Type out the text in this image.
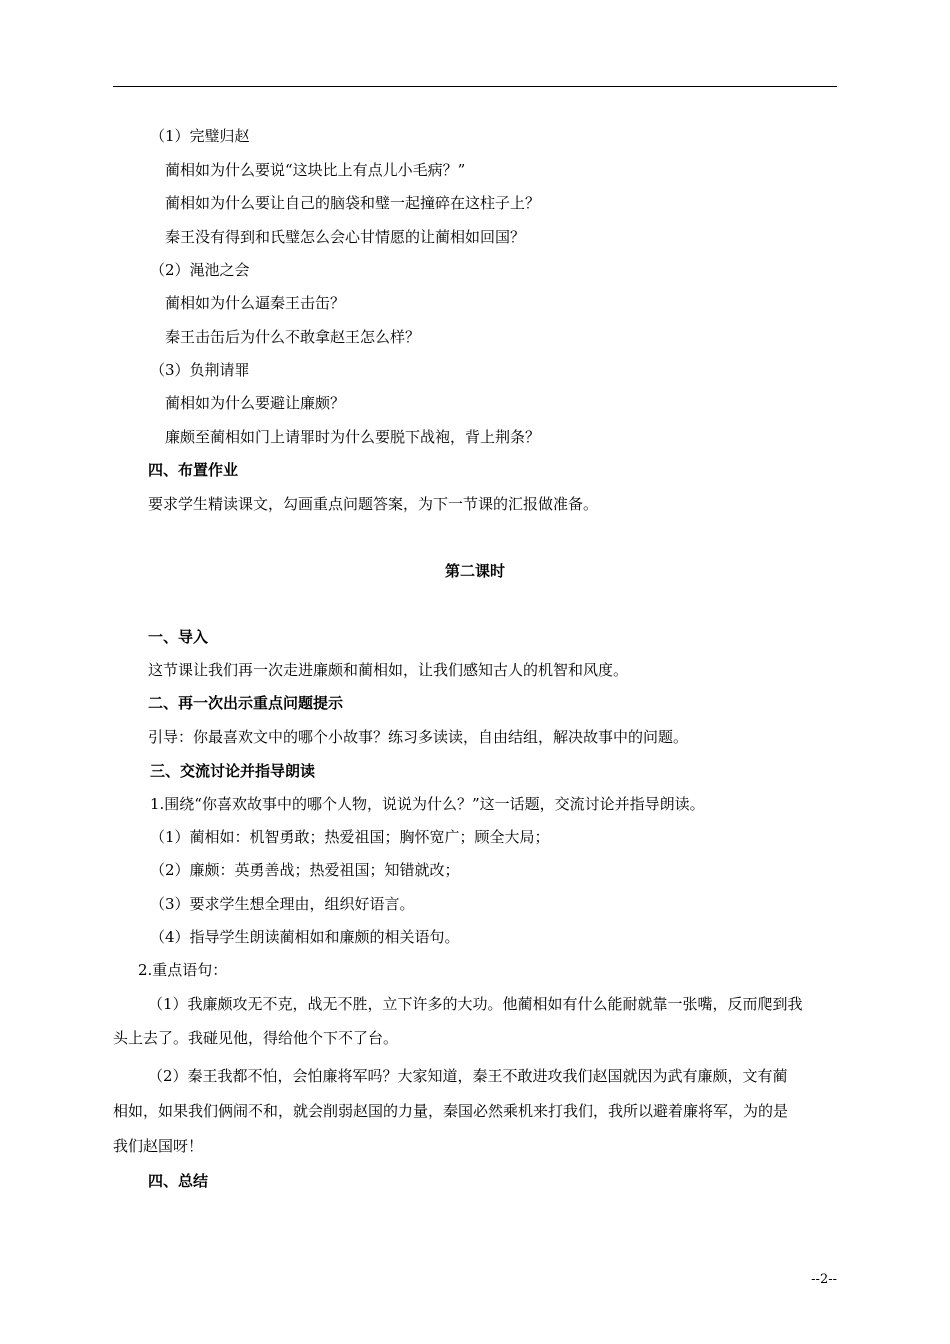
（1）完璧归赵
蔺相如为什么要说“这块比上有点儿小毛病？”
蔺相如为什么要让自己的脑袋和璧一起撞碎在这柱子上？
秦王没有得到和氏璧怎么会心甘情愿的让蔺相如回国？
（2）渑池之会
蔺相如为什么逼秦王击缶？
秦王击缶后为什么不敢拿赵王怎么样？
（3）负荆请罪
蔺相如为什么要避让廉颇？
廉颇至蔺相如门上请罪时为什么要脱下战袍，背上荆条？
四、布置作业
要求学生精读课文，勾画重点问题答案，为下一节课的汇报做准备。
第二课时
一、导入
这节课让我们再一次走进廉颇和蔺相如，让我们感知古人的机智和风度。
二、再一次出示重点问题提示
引导：你最喜欢文中的哪个小故事？练习多读读，自由结组，解决故事中的问题。
三、交流讨论并指导朗读
1.围绕“你喜欢故事中的哪个人物，说说为什么？”这一话题，交流讨论并指导朗读。
（1）蔺相如：机智勇敢；热爱祖国；胸怀宽广；顾全大局；
（2）廉颇：英勇善战；热爱祖国；知错就改；
（3）要求学生想全理由，组织好语言。
（4）指导学生朗读蔺相如和廉颇的相关语句。
2.重点语句：
（1）我廉颇攻无不克，战无不胜，立下许多的大功。他蔺相如有什么能耐就靠一张嘴，反而爬到我
头上去了。我碰见他，得给他个下不了台。
（2）秦王我都不怕，会怕廉将军吗？大家知道，秦王不敢进攻我们赵国就因为武有廉颇，文有蔺
相如，如果我们俩闹不和，就会削弱赵国的力量，秦国必然乘机来打我们，我所以避着廉将军，为的是
我们赵国呀！
四、总结
--2--
